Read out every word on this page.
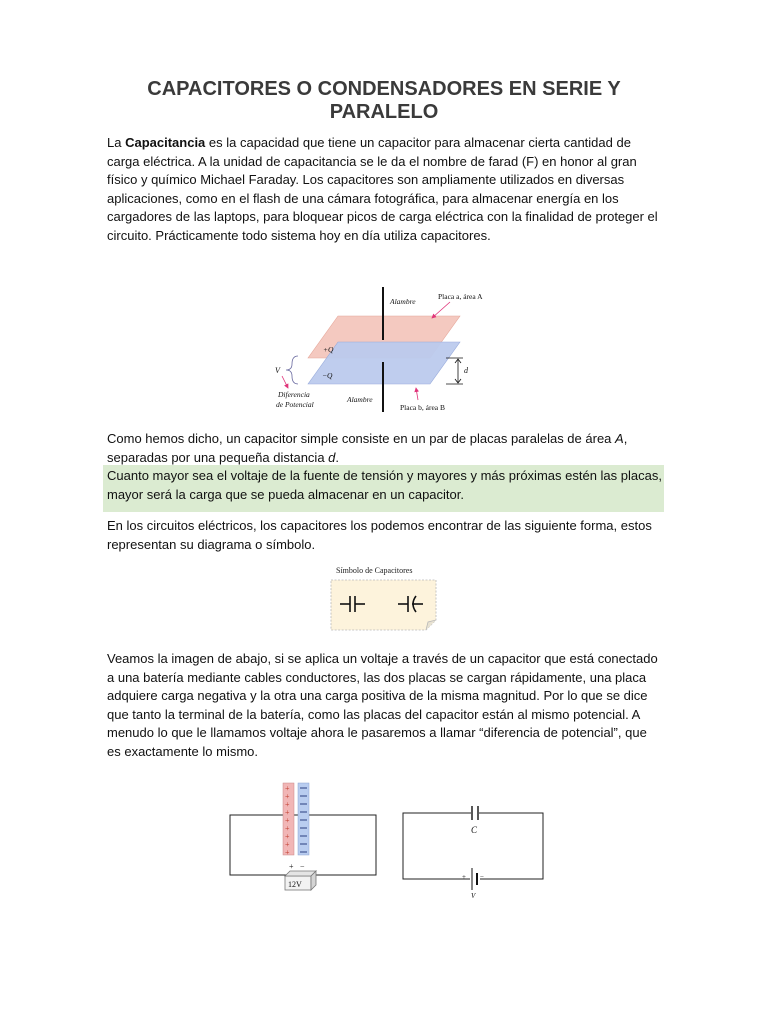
CAPACITORES O CONDENSADORES EN SERIE Y PARALELO
La Capacitancia es la capacidad que tiene un capacitor para almacenar cierta cantidad de carga eléctrica. A la unidad de capacitancia se le da el nombre de farad (F) en honor al gran físico y químico Michael Faraday. Los capacitores son ampliamente utilizados en diversas aplicaciones, como en el flash de una cámara fotográfica, para almacenar energía en los cargadores de las laptops, para bloquear picos de carga eléctrica con la finalidad de proteger el circuito. Prácticamente todo sistema hoy en día utiliza capacitores.
d
V
Diferencia
de Potencial
Alambre
Placa a, área A
+Q
−Q
Alambre
Placa b, área B
Como hemos dicho, un capacitor simple consiste en un par de placas paralelas de área A,
separadas por una pequeña distancia d.
Cuanto mayor sea el voltaje de la fuente de tensión y mayores y más próximas estén las placas, mayor será la carga que se pueda almacenar en un capacitor.
En los circuitos eléctricos, los capacitores los podemos encontrar de las siguiente forma, estos representan su diagrama o símbolo.
Símbolo de Capacitores
Veamos la imagen de abajo, si se aplica un voltaje a través de un capacitor que está conectado a una batería mediante cables conductores, las dos placas se cargan rápidamente, una placa adquiere carga negativa y la otra una carga positiva de la misma magnitud. Por lo que se dice que tanto la terminal de la batería, como las placas del capacitor están al mismo potencial. A menudo lo que le llamamos voltaje ahora le pasaremos a llamar “diferencia de potencial”, que es exactamente lo mismo.
+
+
+
+
+
+
+
+
+
+ −
12V
C
+ −
V
